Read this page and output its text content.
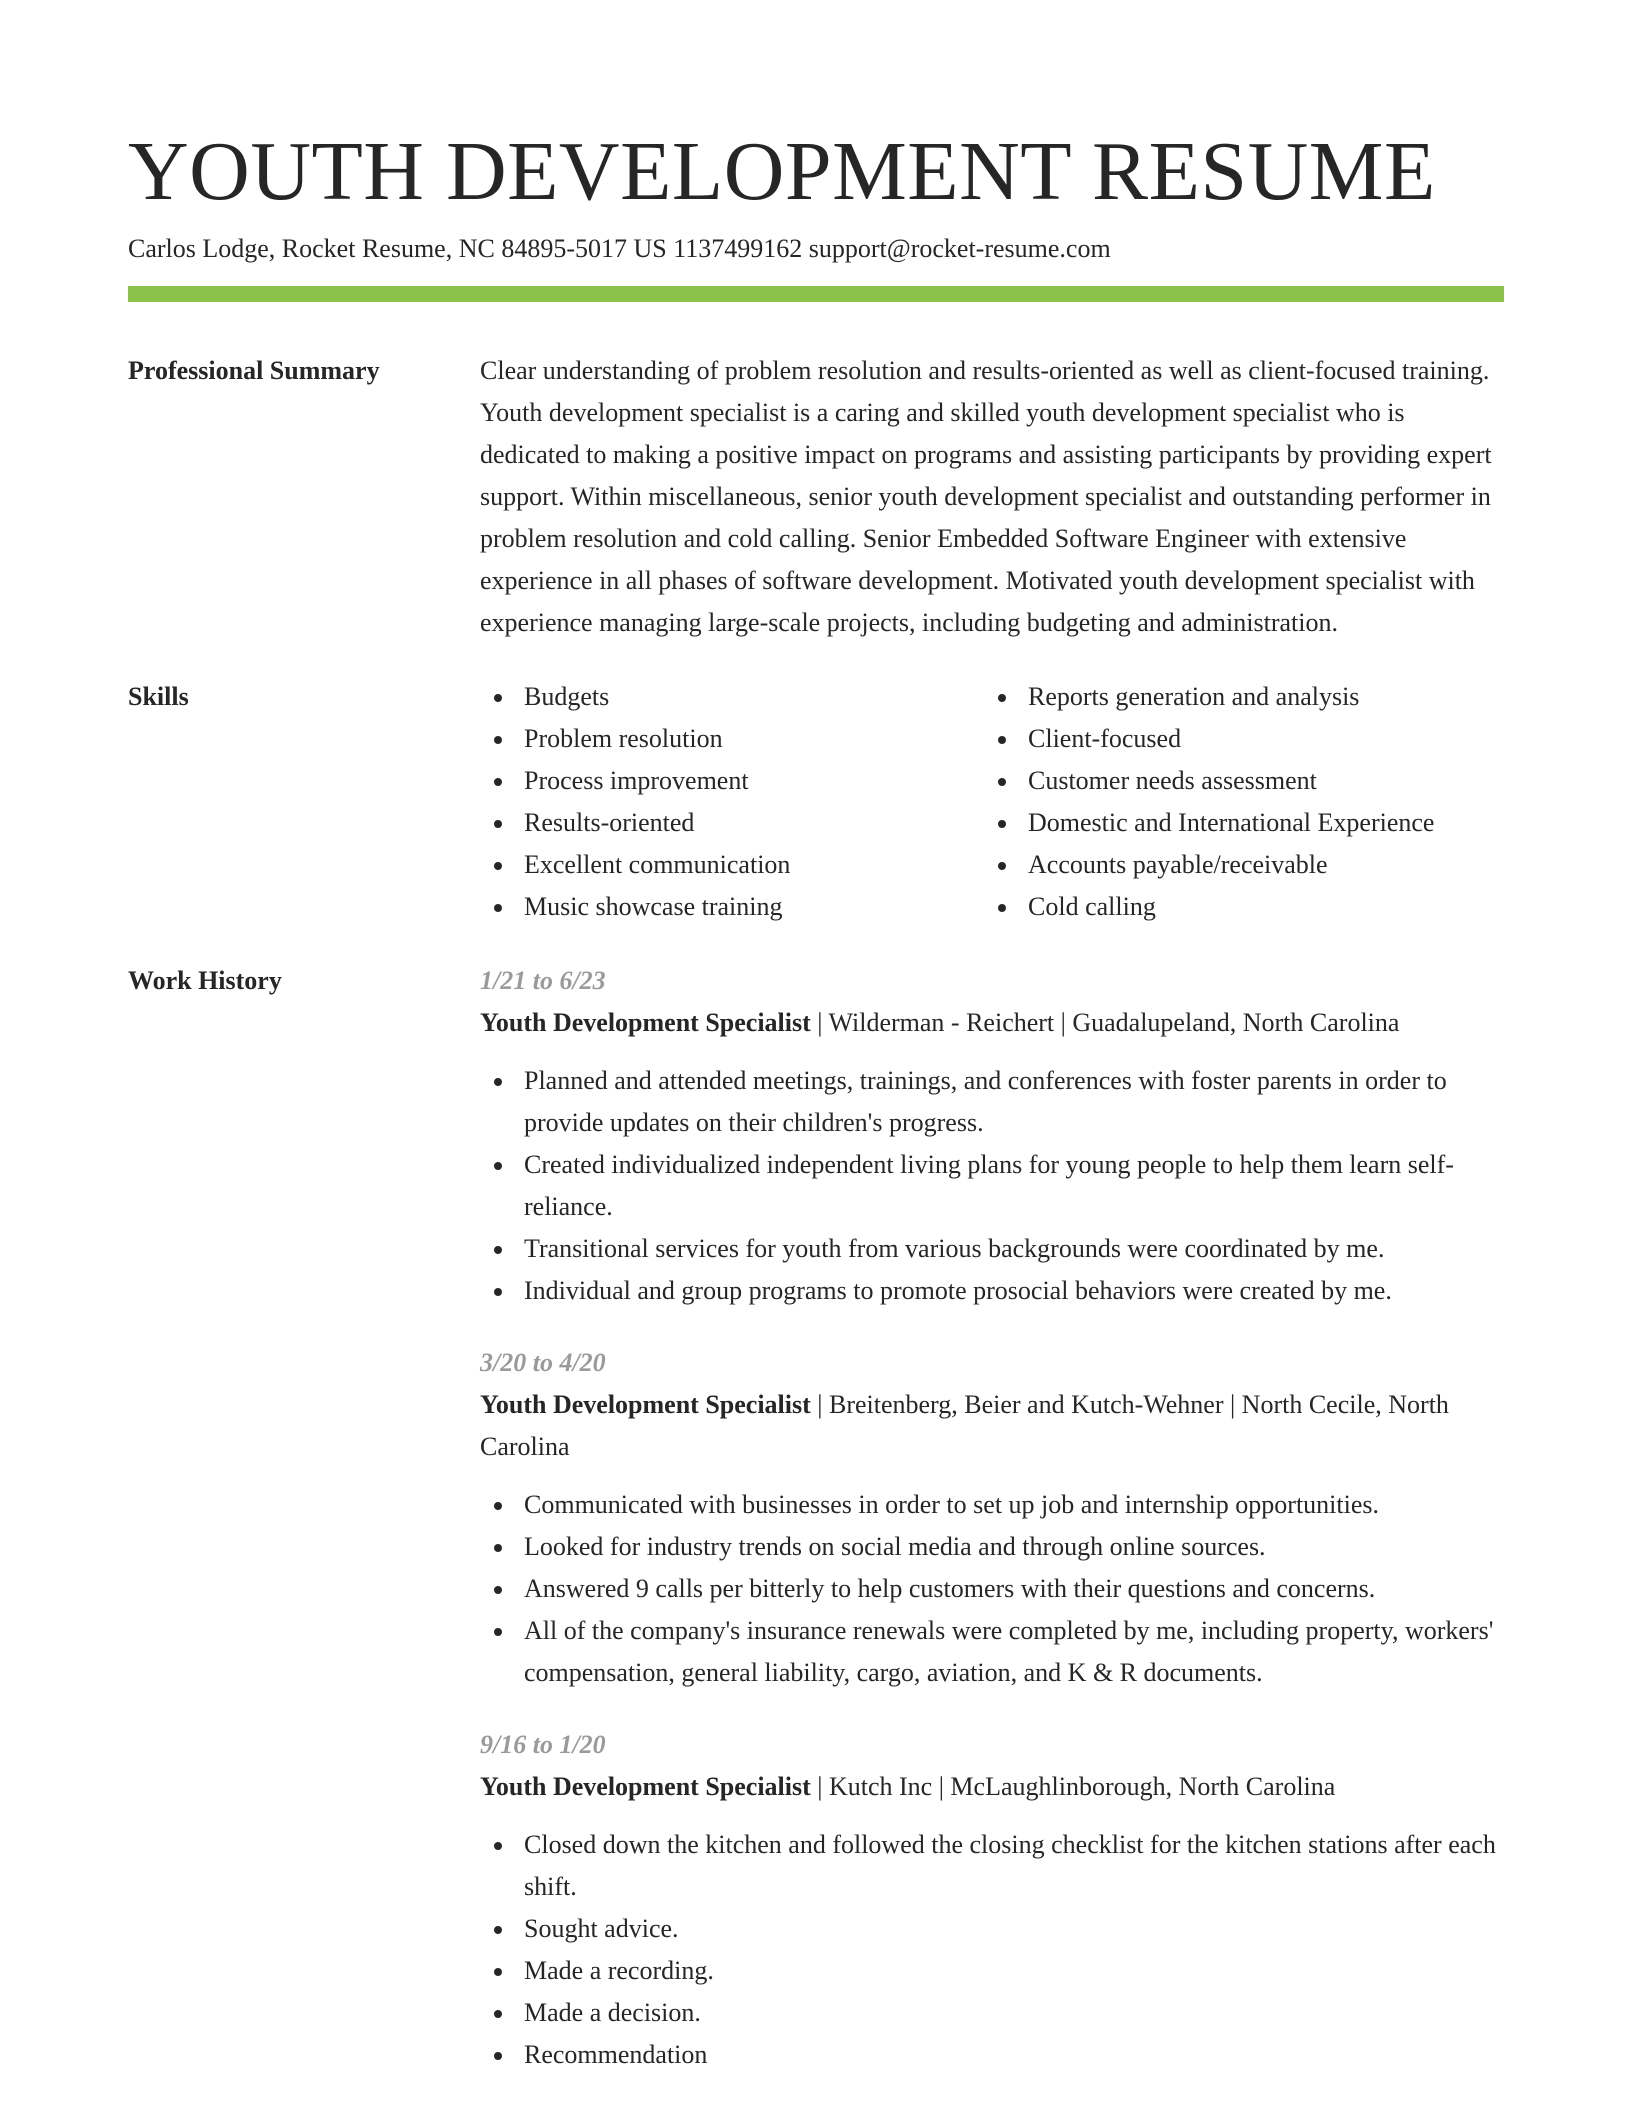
YOUTH DEVELOPMENT RESUME
Carlos Lodge, Rocket Resume, NC 84895-5017 US 1137499162 support@rocket-resume.com
Professional Summary	Clear understanding of problem resolution and results-oriented as well as client-focused training. Youth development specialist is a caring and skilled youth development specialist who is dedicated to making a positive impact on programs and assisting participants by providing expert support. Within miscellaneous, senior youth development specialist and outstanding performer in problem resolution and cold calling. Senior Embedded Software Engineer with extensive experience in all phases of software development. Motivated youth development specialist with experience managing large-scale projects, including budgeting and administration.
Skills	Budgets
Problem resolution
Process improvement
Results-oriented
Excellent communication
Music showcase training
Reports generation and analysis
Client-focused
Customer needs assessment
Domestic and International Experience
Accounts payable/receivable
Cold calling
Work History	1/21 to 6/23
Youth Development Specialist | Wilderman - Reichert | Guadalupeland, North Carolina
Planned and attended meetings, trainings, and conferences with foster parents in order to provide updates on their children's progress.
Created individualized independent living plans for young people to help them learn self-reliance.
Transitional services for youth from various backgrounds were coordinated by me.
Individual and group programs to promote prosocial behaviors were created by me.
3/20 to 4/20
Youth Development Specialist | Breitenberg, Beier and Kutch-Wehner | North Cecile, North Carolina
Communicated with businesses in order to set up job and internship opportunities.
Looked for industry trends on social media and through online sources.
Answered 9 calls per bitterly to help customers with their questions and concerns.
All of the company's insurance renewals were completed by me, including property, workers' compensation, general liability, cargo, aviation, and K & R documents.
9/16 to 1/20
Youth Development Specialist | Kutch Inc | McLaughlinborough, North Carolina
Closed down the kitchen and followed the closing checklist for the kitchen stations after each shift.
Sought advice.
Made a recording.
Made a decision.
Recommendation
